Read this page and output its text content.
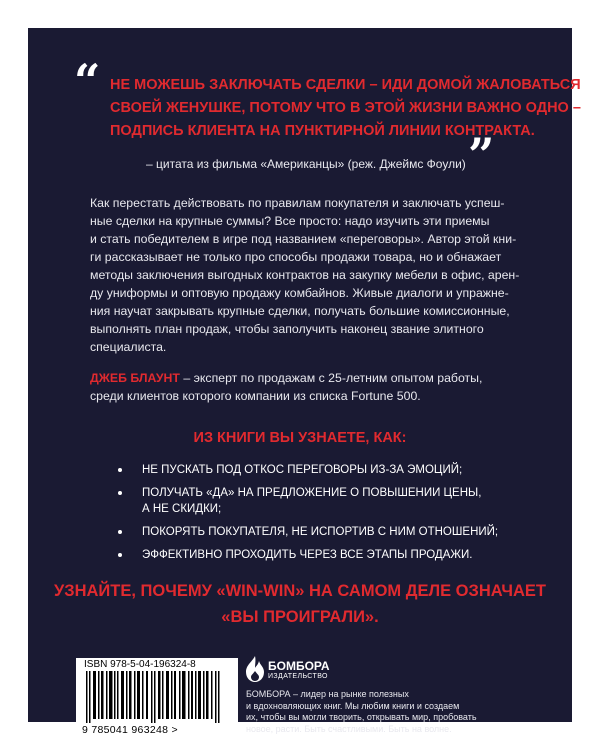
“ НЕ МОЖЕШЬ ЗАКЛЮЧАТЬ СДЕЛКИ – ИДИ ДОМОЙ ЖАЛОВАТЬСЯ
СВОЕЙ ЖЕНУШКЕ, ПОТОМУ ЧТО В ЭТОЙ ЖИЗНИ ВАЖНО ОДНО –
ПОДПИСЬ КЛИЕНТА НА ПУНКТИРНОЙ ЛИНИИ КОНТРАКТА.

”

– цитата из фильма «Американцы» (реж. Джеймс Фоули)

Как перестать действовать по правилам покупателя и заключать успеш-
ные сделки на крупные суммы? Все просто: надо изучить эти приемы
и стать победителем в игре под названием «переговоры». Автор этой кни-
ги рассказывает не только про способы продажи товара, но и обнажает
методы заключения выгодных контрактов на закупку мебели в офис, арен-
ду униформы и оптовую продажу комбайнов. Живые диалоги и упражне-
ния научат закрывать крупные сделки, получать большие комиссионные,
выполнять план продаж, чтобы заполучить наконец звание элитного
специалиста.

ДЖЕБ БЛАУНТ – эксперт по продажам с 25-летним опытом работы,
среди клиентов которого компании из списка Fortune 500.

ИЗ КНИГИ ВЫ УЗНАЕТЕ, КАК:
НЕ ПУСКАТЬ ПОД ОТКОС ПЕРЕГОВОРЫ ИЗ-ЗА ЭМОЦИЙ;
ПОЛУЧАТЬ «ДА» НА ПРЕДЛОЖЕНИЕ О ПОВЫШЕНИИ ЦЕНЫ,
А НЕ СКИДКИ;
ПОКОРЯТЬ ПОКУПАТЕЛЯ, НЕ ИСПОРТИВ С НИМ ОТНОШЕНИЙ;
ЭФФЕКТИВНО ПРОХОДИТЬ ЧЕРЕЗ ВСЕ ЭТАПЫ ПРОДАЖИ.

УЗНАЙТЕ, ПОЧЕМУ «WIN-WIN» НА САМОМ ДЕЛЕ ОЗНАЧАЕТ
«ВЫ ПРОИГРАЛИ».

ISBN 978-5-04-196324-8
9 785041 963248 >
БОМБОРА
ИЗДАТЕЛЬСТВО

БОМБОРА – лидер на рынке полезных
и вдохновляющих книг. Мы любим книги и создаем
их, чтобы вы могли творить, открывать мир, пробовать
новое, расти. Быть счастливыми. Быть на волне.
